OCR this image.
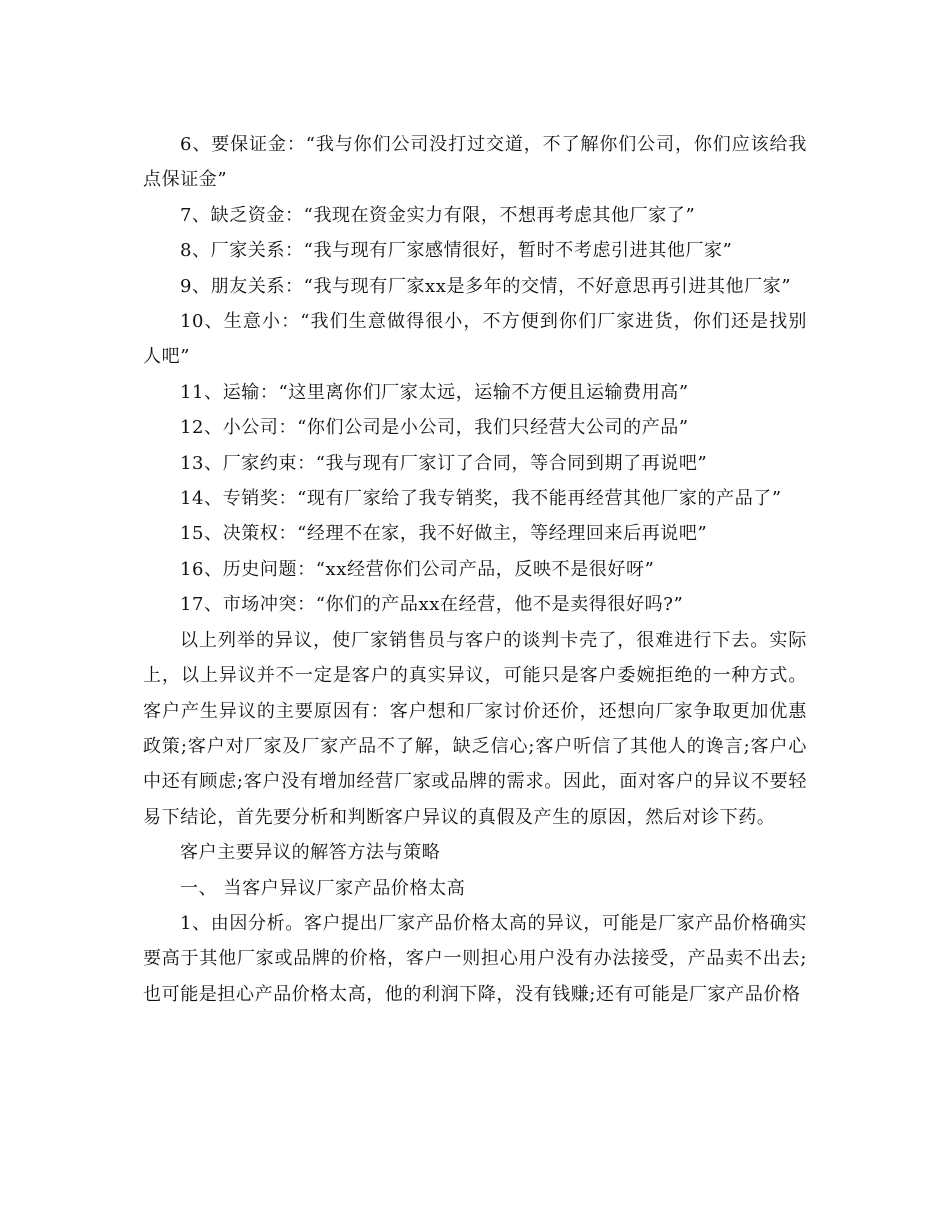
6、要保证金：“我与你们公司没打过交道，不了解你们公司，你们应该给我点保证金”

7、缺乏资金：“我现在资金实力有限，不想再考虑其他厂家了”

8、厂家关系：“我与现有厂家感情很好，暂时不考虑引进其他厂家”

9、朋友关系：“我与现有厂家xx是多年的交情，不好意思再引进其他厂家”

10、生意小：“我们生意做得很小，不方便到你们厂家进货，你们还是找别人吧”

11、运输：“这里离你们厂家太远，运输不方便且运输费用高”

12、小公司：“你们公司是小公司，我们只经营大公司的产品”

13、厂家约束：“我与现有厂家订了合同，等合同到期了再说吧”

14、专销奖：“现有厂家给了我专销奖，我不能再经营其他厂家的产品了”

15、决策权：“经理不在家，我不好做主，等经理回来后再说吧”

16、历史问题：“xx经营你们公司产品，反映不是很好呀”

17、市场冲突：“你们的产品xx在经营，他不是卖得很好吗?”

以上列举的异议，使厂家销售员与客户的谈判卡壳了，很难进行下去。实际上，以上异议并不一定是客户的真实异议，可能只是客户委婉拒绝的一种方式。客户产生异议的主要原因有：客户想和厂家讨价还价，还想向厂家争取更加优惠政策;客户对厂家及厂家产品不了解，缺乏信心;客户听信了其他人的谗言;客户心中还有顾虑;客户没有增加经营厂家或品牌的需求。因此，面对客户的异议不要轻易下结论，首先要分析和判断客户异议的真假及产生的原因，然后对诊下药。

客户主要异议的解答方法与策略

一、 当客户异议厂家产品价格太高

1、由因分析。客户提出厂家产品价格太高的异议，可能是厂家产品价格确实要高于其他厂家或品牌的价格，客户一则担心用户没有办法接受，产品卖不出去;也可能是担心产品价格太高，他的利润下降，没有钱赚;还有可能是厂家产品价格
